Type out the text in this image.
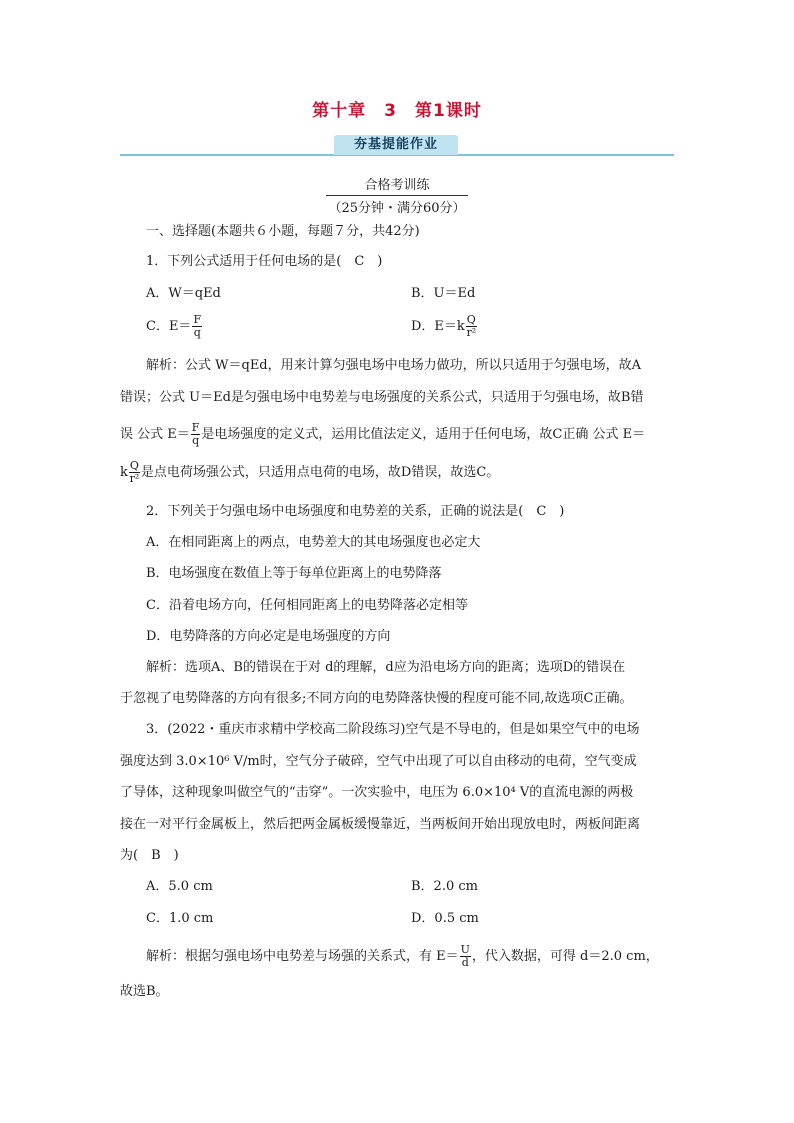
第十章　3　第1课时
夯基提能作业
合格考训练
（25分钟・满分60分）
一、选择题(本题共６小题，每题７分，共42分)
1．下列公式适用于任何电场的是(　C　)
A．W＝qEd	B．U＝Ed
C．$E= \frac{F}{q}$	D．$E=k \frac{Q}{\text{r²}}$
解析：公式 W＝qEd，用来计算匀强电场中电场力做功，所以只适用于匀强电场，故A
错误；公式 U＝Ed是匀强电场中电势差与电场强度的关系公式，只适用于匀强电场，故B错
误 公式 $E= \frac{F}{q}$ 是电场强度的定义式，运用比值法定义，适用于任何电场，故C正确 公式 E＝
k $\frac{Q}{\text{r²}}$ 是点电荷场强公式，只适用点电荷的电场，故D错误，故选C。
2．下列关于匀强电场中电场强度和电势差的关系，正确的说法是(　C　)
A．在相同距离上的两点，电势差大的其电场强度也必定大
B．电场强度在数值上等于每单位距离上的电势降落
C．沿着电场方向，任何相同距离上的电势降落必定相等
D．电势降落的方向必定是电场强度的方向
解析：选项A、B的错误在于对 d的理解，d应为沿电场方向的距离；选项D的错误在
于忽视了电势降落的方向有很多;不同方向的电势降落快慢的程度可能不同,故选项C正确。
3．(2022・重庆市求精中学校高二阶段练习)空气是不导电的，但是如果空气中的电场
强度达到 3.0×10⁶ V/m时，空气分子破碎，空气中出现了可以自由移动的电荷，空气变成
了导体，这种现象叫做空气的“击穿”。一次实验中，电压为 6.0×10⁴ V的直流电源的两极
接在一对平行金属板上，然后把两金属板缓慢靠近，当两板间开始出现放电时，两板间距离
为(　B　)
A．5.0 cm	B．2.0 cm
C．1.0 cm	D．0.5 cm
解析：根据匀强电场中电势差与场强的关系式，有 $E= \frac{U}{d}$ ，代入数据，可得 d＝2.0 cm，
故选B。
